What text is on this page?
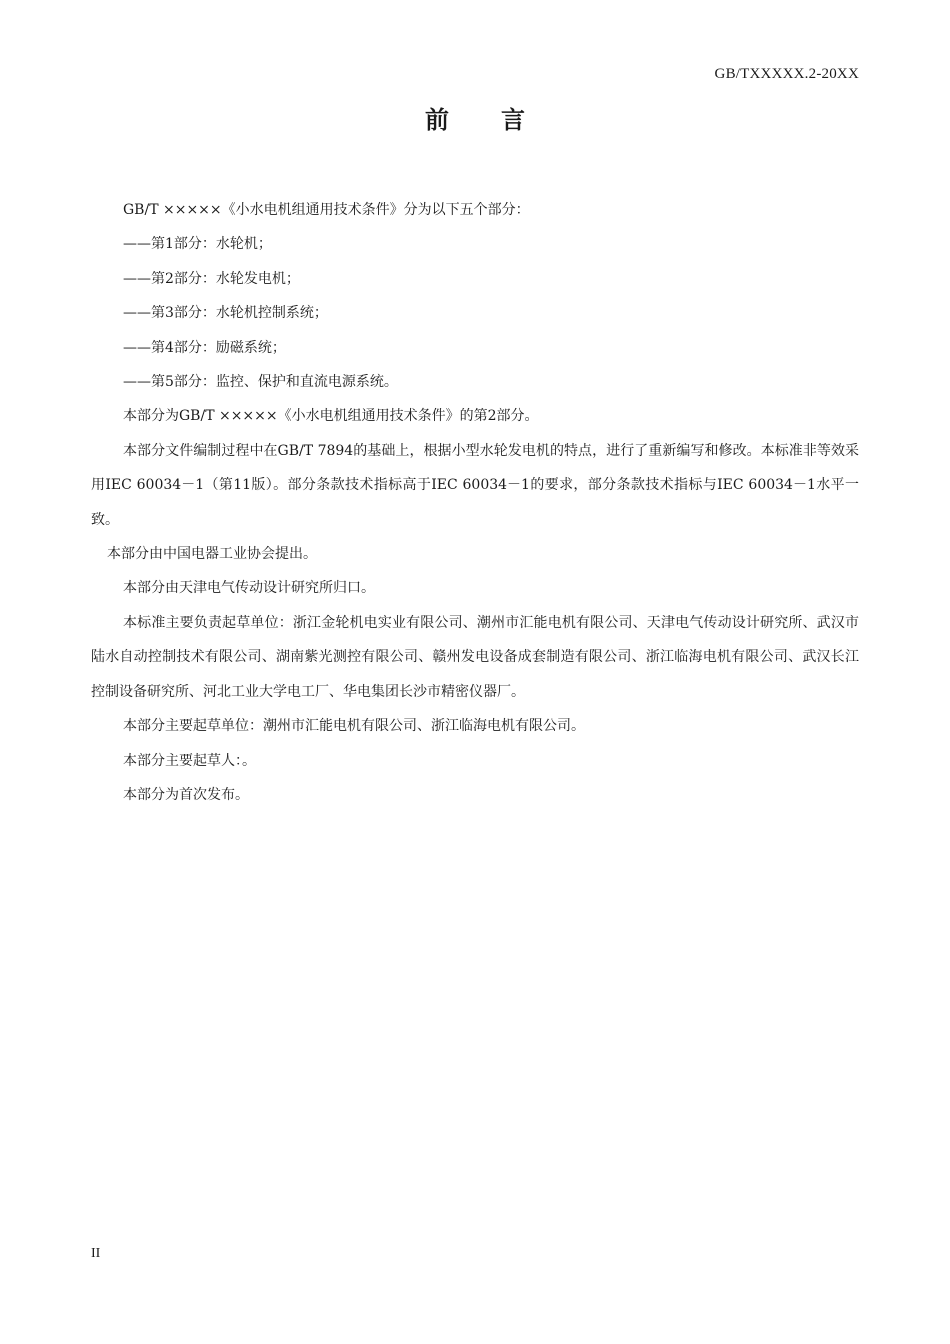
GB/TXXXXX.2-20XX
前 言

GB/T ×××××《小水电机组通用技术条件》分为以下五个部分：

——第1部分：水轮机；

——第2部分：水轮发电机；

——第3部分：水轮机控制系统；

——第4部分：励磁系统；

——第5部分：监控、保护和直流电源系统。

本部分为GB/T ×××××《小水电机组通用技术条件》的第2部分。

本部分文件编制过程中在GB/T 7894的基础上，根据小型水轮发电机的特点，进行了重新编写和修改。本标准非等效采用IEC 60034－1（第11版）。部分条款技术指标高于IEC 60034－1的要求，部分条款技术指标与IEC 60034－1水平一致。

本部分由中国电器工业协会提出。

本部分由天津电气传动设计研究所归口。

本标准主要负责起草单位：浙江金轮机电实业有限公司、潮州市汇能电机有限公司、天津电气传动设计研究所、武汉市陆水自动控制技术有限公司、湖南紫光测控有限公司、赣州发电设备成套制造有限公司、浙江临海电机有限公司、武汉长江控制设备研究所、河北工业大学电工厂、华电集团长沙市精密仪器厂。

本部分主要起草单位：潮州市汇能电机有限公司、浙江临海电机有限公司。

本部分主要起草人：。

本部分为首次发布。

II
